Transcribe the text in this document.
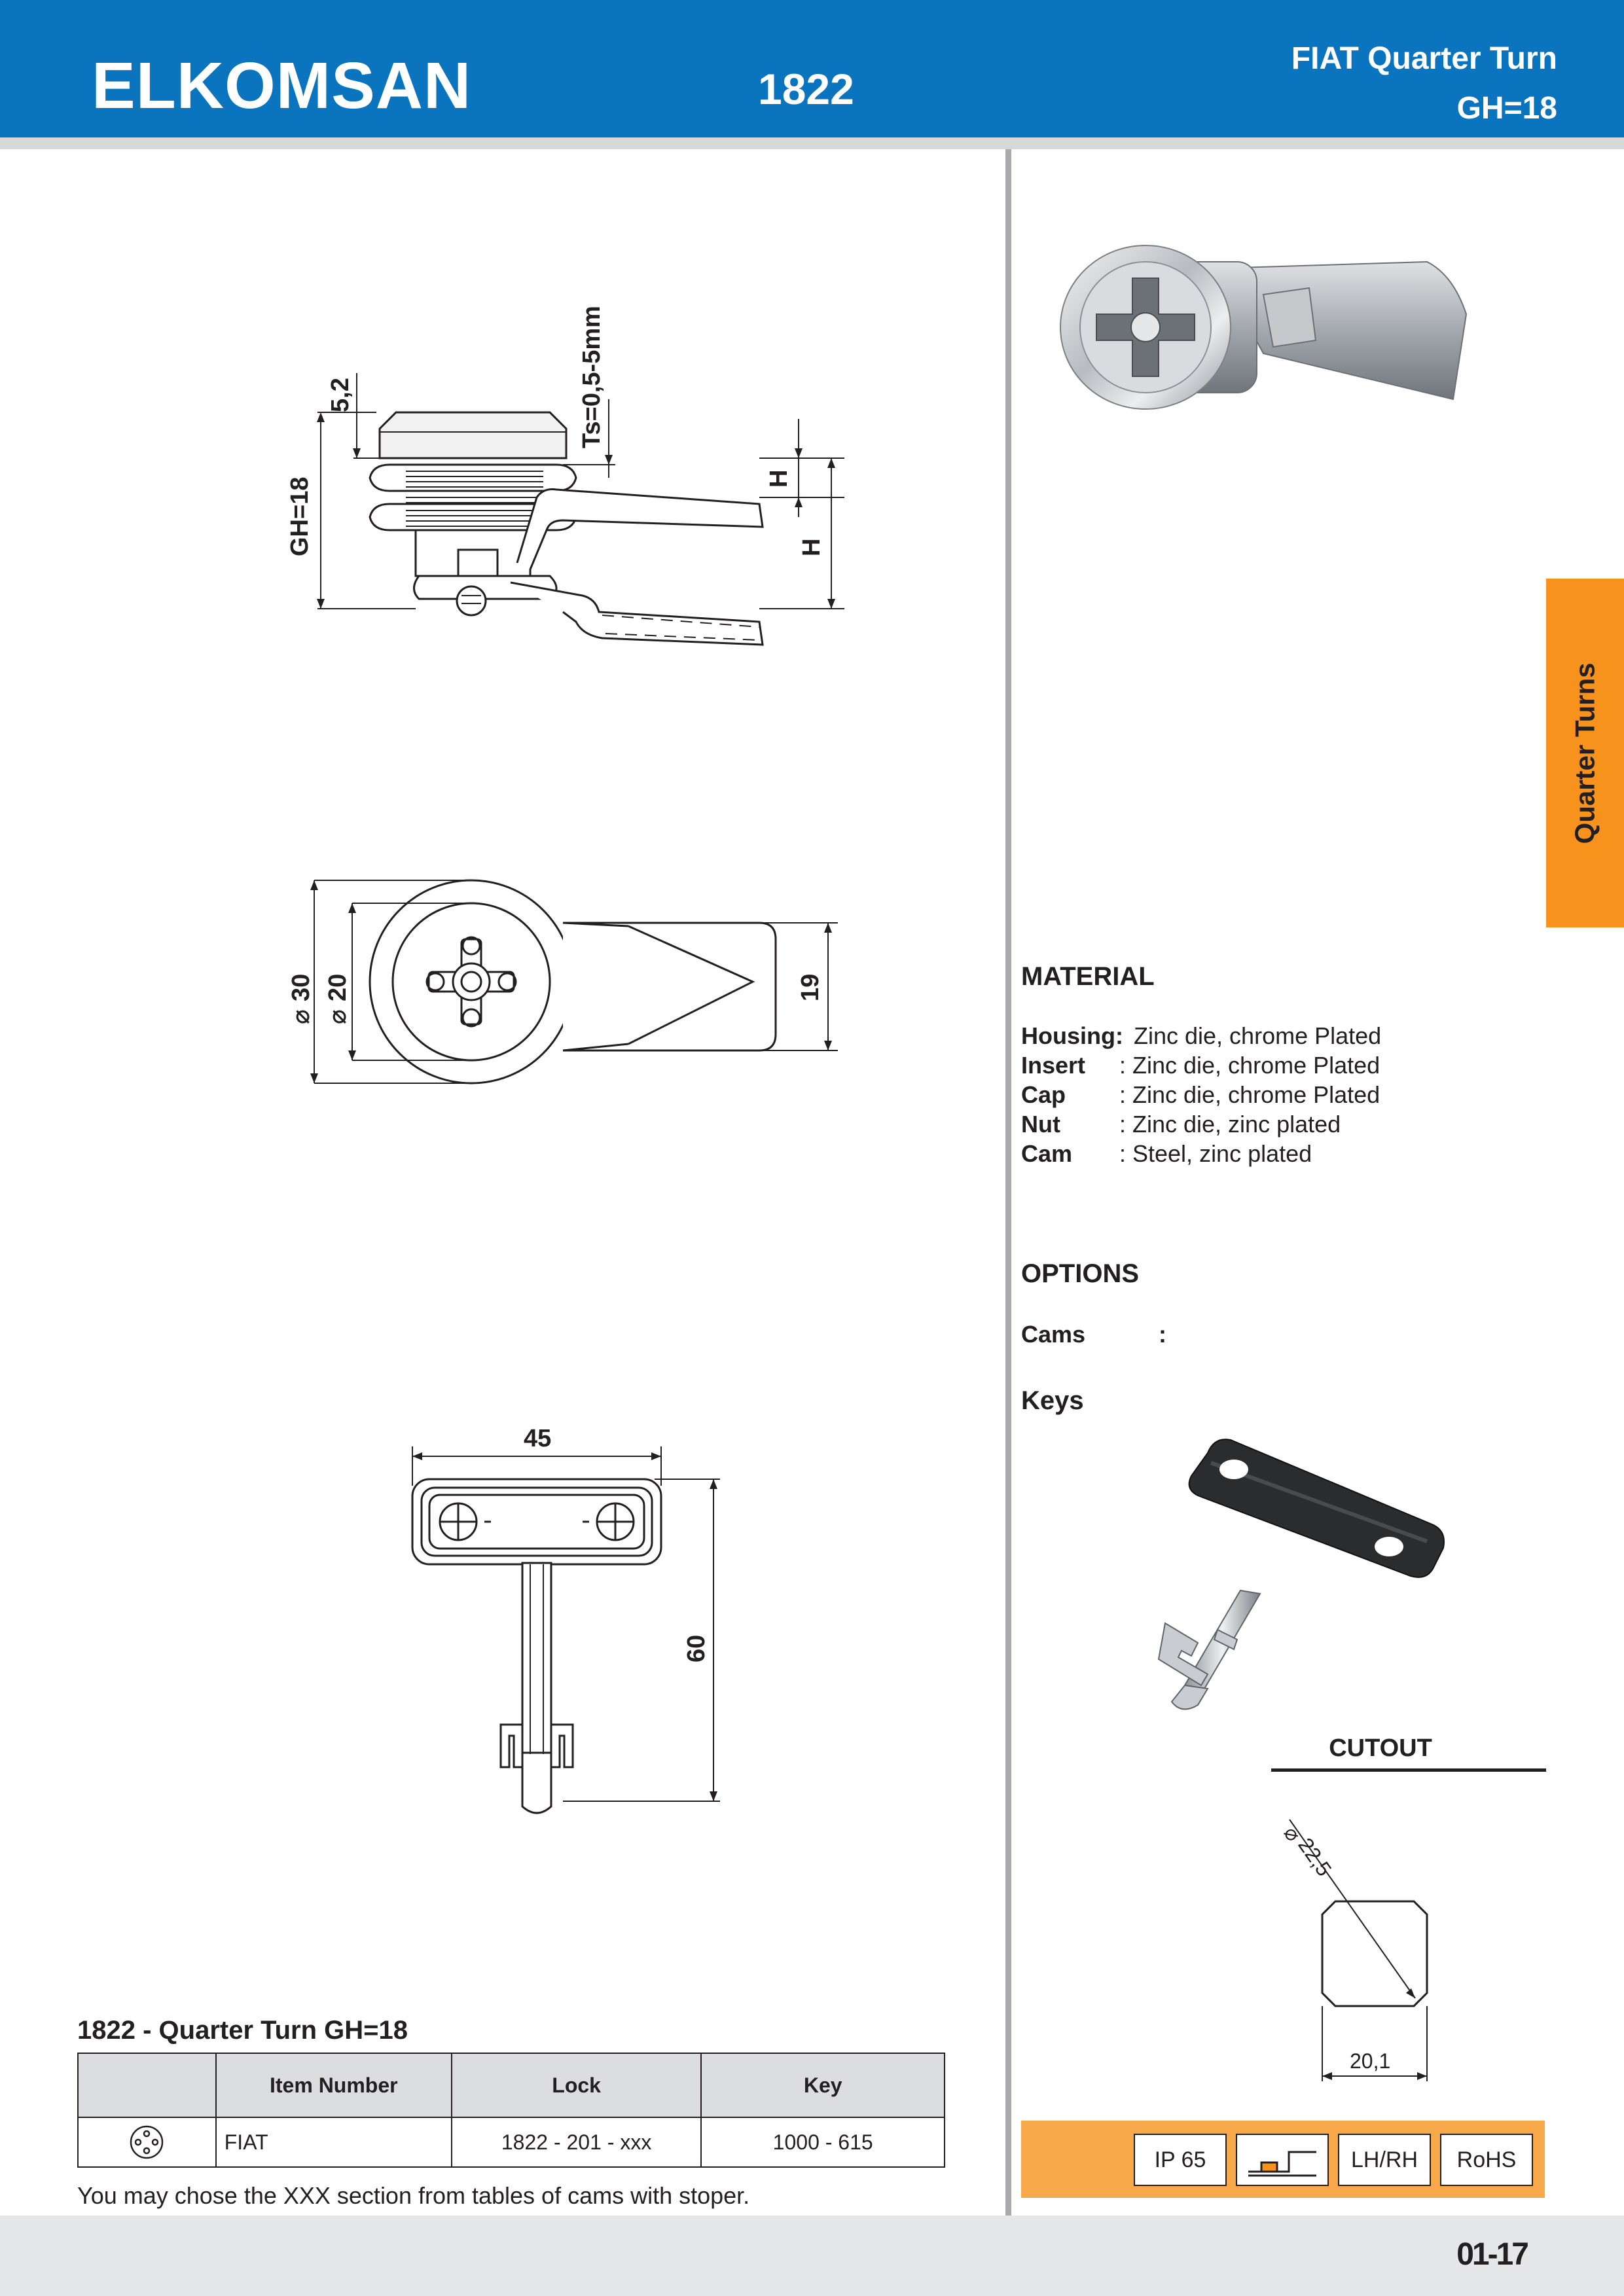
ELKOMSAN	1822
FIAT Quarter Turn
GH=18
Quarter Turns
GH=18
5,2	Ts=0,5-5mm
H
H
⌀
30
⌀
20	19
45
60
MATERIAL
Housing: Zinc die, chrome Plated
Insert : Zinc die, chrome Plated
Cap : Zinc die, chrome Plated
Nut	: Zinc die, zinc plated
Cam : Steel, zinc plated
OPTIONS
Cams	:
Keys
CUTOUT
⌀
22,5
20,1
IP 65	LH/RH RoHS
1822 - Quarter Turn GH=18
	Item Number	Lock	Key
	FIAT	1822 - 201 - xxx	1000 - 615
You may chose the XXX section from tables of cams with stoper.
01-17
